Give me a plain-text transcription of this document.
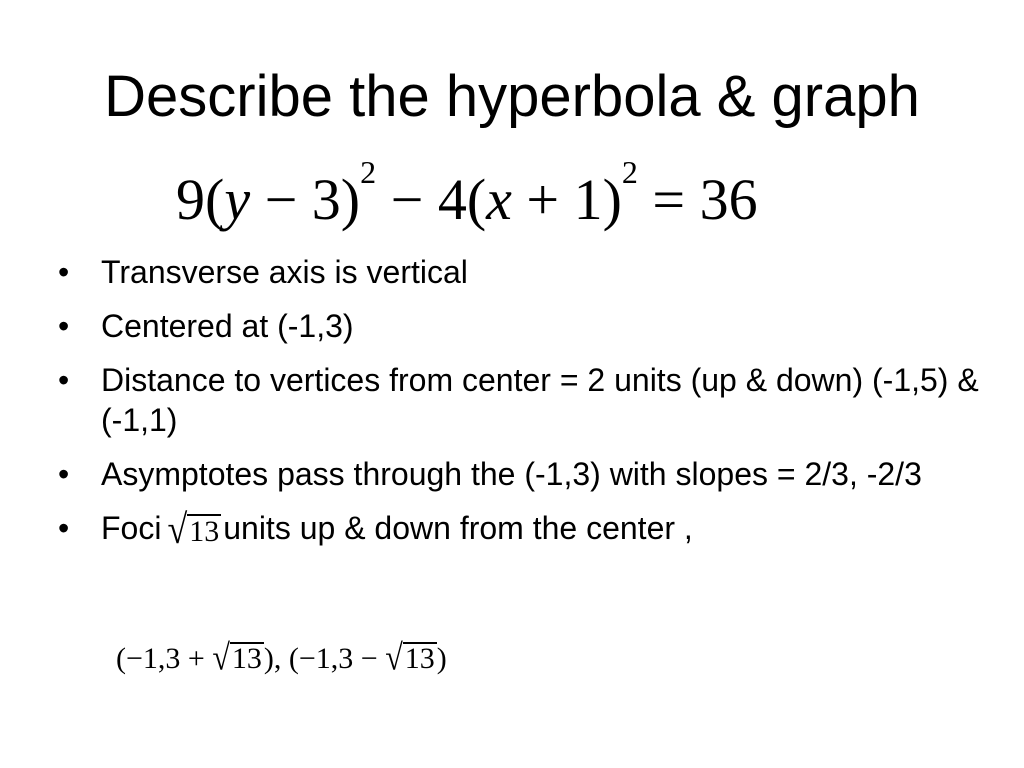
Describe the hyperbola & graph
$9(y - 3)^2 - 4(x + 1)^2 = 36$
• Transverse axis is vertical
• Centered at (-1,3)
• Distance to vertices from center = 2 units (up & down) (-1,5) & (-1,1)
• Asymptotes pass through the (-1,3) with slopes = 2/3, -2/3
• Foci √13 units up & down from the center ,
(−1,3 + √13), (−1,3 − √13)
